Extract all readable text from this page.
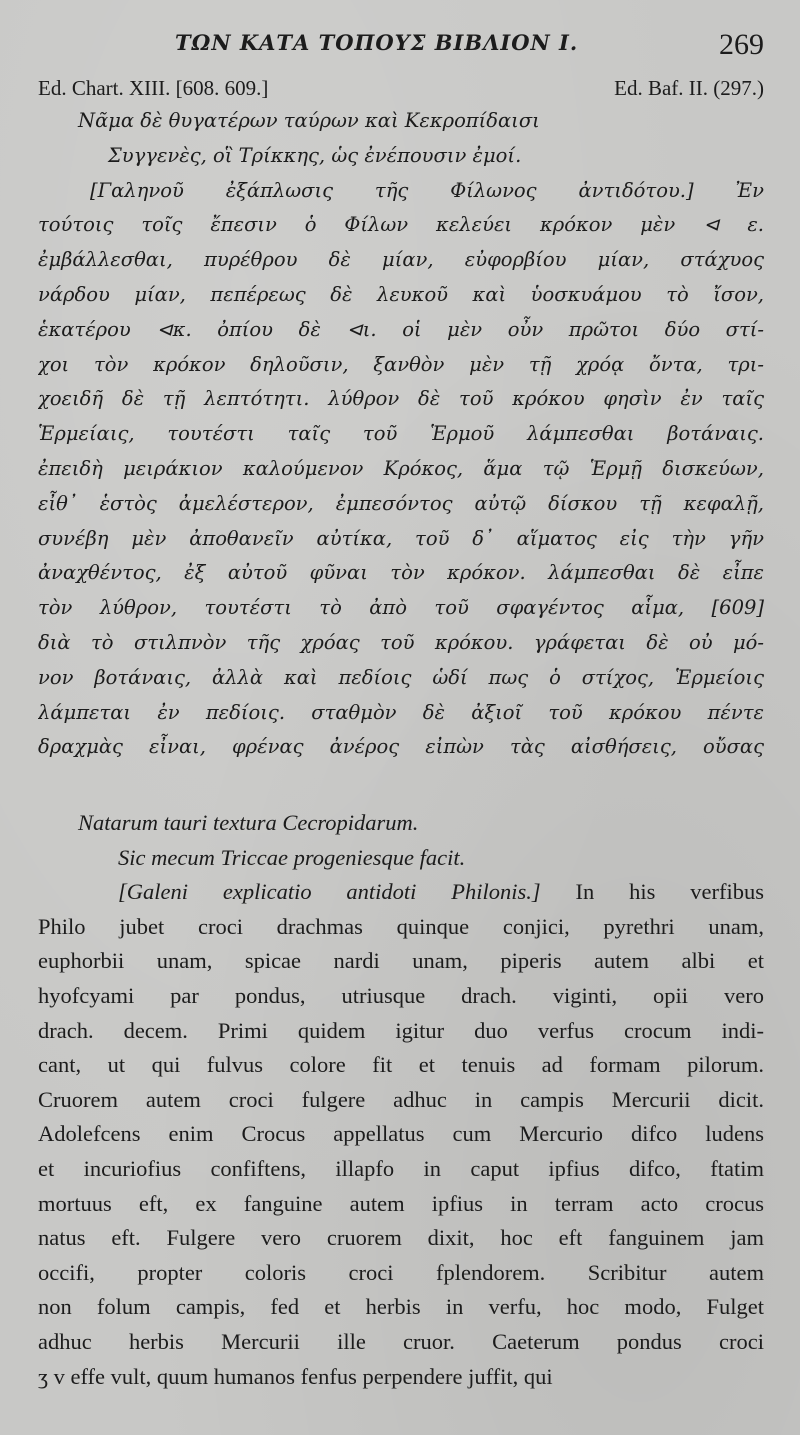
ΤΩΝ ΚΑΤΑ ΤΟΠΟΥΣ ΒΙΒΛΙΟΝ Ι.	269
Ed. Chart. XIII. [608. 609.]	Ed. Baf. II. (297.)
Νᾶμα δὲ θυγατέρων ταύρων καὶ Κεκροπίδαισι
Συγγενὲς, οἳ Τρίκκης, ὡς ἐνέπουσιν ἐμοί.
[Γαληνοῦ ἐξάπλωσις τῆς Φίλωνος ἀντιδότου.] Ἐν
τούτοις τοῖς ἔπεσιν ὁ Φίλων κελεύει κρόκον μὲν ⊲ ε.
ἐμβάλλεσθαι, πυρέθρου δὲ μίαν, εὐφορβίου μίαν, στάχυος
νάρδου μίαν, πεπέρεως δὲ λευκοῦ καὶ ὑοσκυάμου τὸ ἴσον,
ἑκατέρου ⊲κ. ὀπίου δὲ ⊲ι. οἱ μὲν οὖν πρῶτοι δύο στί-
χοι τὸν κρόκον δηλοῦσιν, ξανθὸν μὲν τῇ χρόᾳ ὄντα, τρι-
χοειδῆ δὲ τῇ λεπτότητι. λύθρον δὲ τοῦ κρόκου φησὶν ἐν ταῖς
Ἑρμείαις, τουτέστι ταῖς τοῦ Ἑρμοῦ λάμπεσθαι βοτάναις.
ἐπειδὴ μειράκιον καλούμενον Κρόκος, ἅμα τῷ Ἑρμῇ δισκεύων,
εἶθ᾽ ἑστὸς ἀμελέστερον, ἐμπεσόντος αὐτῷ δίσκου τῇ κεφαλῇ,
συνέβη μὲν ἀποθανεῖν αὐτίκα, τοῦ δ᾽ αἵματος εἰς τὴν γῆν
ἀναχθέντος, ἐξ αὐτοῦ φῦναι τὸν κρόκον. λάμπεσθαι δὲ εἶπε
τὸν λύθρον, τουτέστι τὸ ἀπὸ τοῦ σφαγέντος αἷμα, [609]
διὰ τὸ στιλπνὸν τῆς χρόας τοῦ κρόκου. γράφεται δὲ οὐ μό-
νον βοτάναις, ἀλλὰ καὶ πεδίοις ὡδί πως ὁ στίχος, Ἑρμείοις
λάμπεται ἐν πεδίοις. σταθμὸν δὲ ἀξιοῖ τοῦ κρόκου πέντε
δραχμὰς εἶναι, φρένας ἀνέρος εἰπὼν τὰς αἰσθήσεις, οὔσας
Natarum tauri textura Cecropidarum.
Sic mecum Triccae progeniesque facit.
[Galeni explicatio antidoti Philonis.] In his verfibus
Philo jubet croci drachmas quinque conjici, pyrethri unam,
euphorbii unam, spicae nardi unam, piperis autem albi et
hyofcyami par pondus, utriusque drach. viginti, opii vero
drach. decem. Primi quidem igitur duo verfus crocum indi-
cant, ut qui fulvus colore fit et tenuis ad formam pilorum.
Cruorem autem croci fulgere adhuc in campis Mercurii dicit.
Adolefcens enim Crocus appellatus cum Mercurio difco ludens
et incuriofius confiftens, illapfo in caput ipfius difco, ftatim
mortuus eft, ex fanguine autem ipfius in terram acto crocus
natus eft. Fulgere vero cruorem dixit, hoc eft fanguinem jam
occifi, propter coloris croci fplendorem. Scribitur autem
non folum campis, fed et herbis in verfu, hoc modo, Fulget
adhuc herbis Mercurii ille cruor. Caeterum pondus croci
ʒ v effe vult, quum humanos fenfus perpendere juffit, qui
